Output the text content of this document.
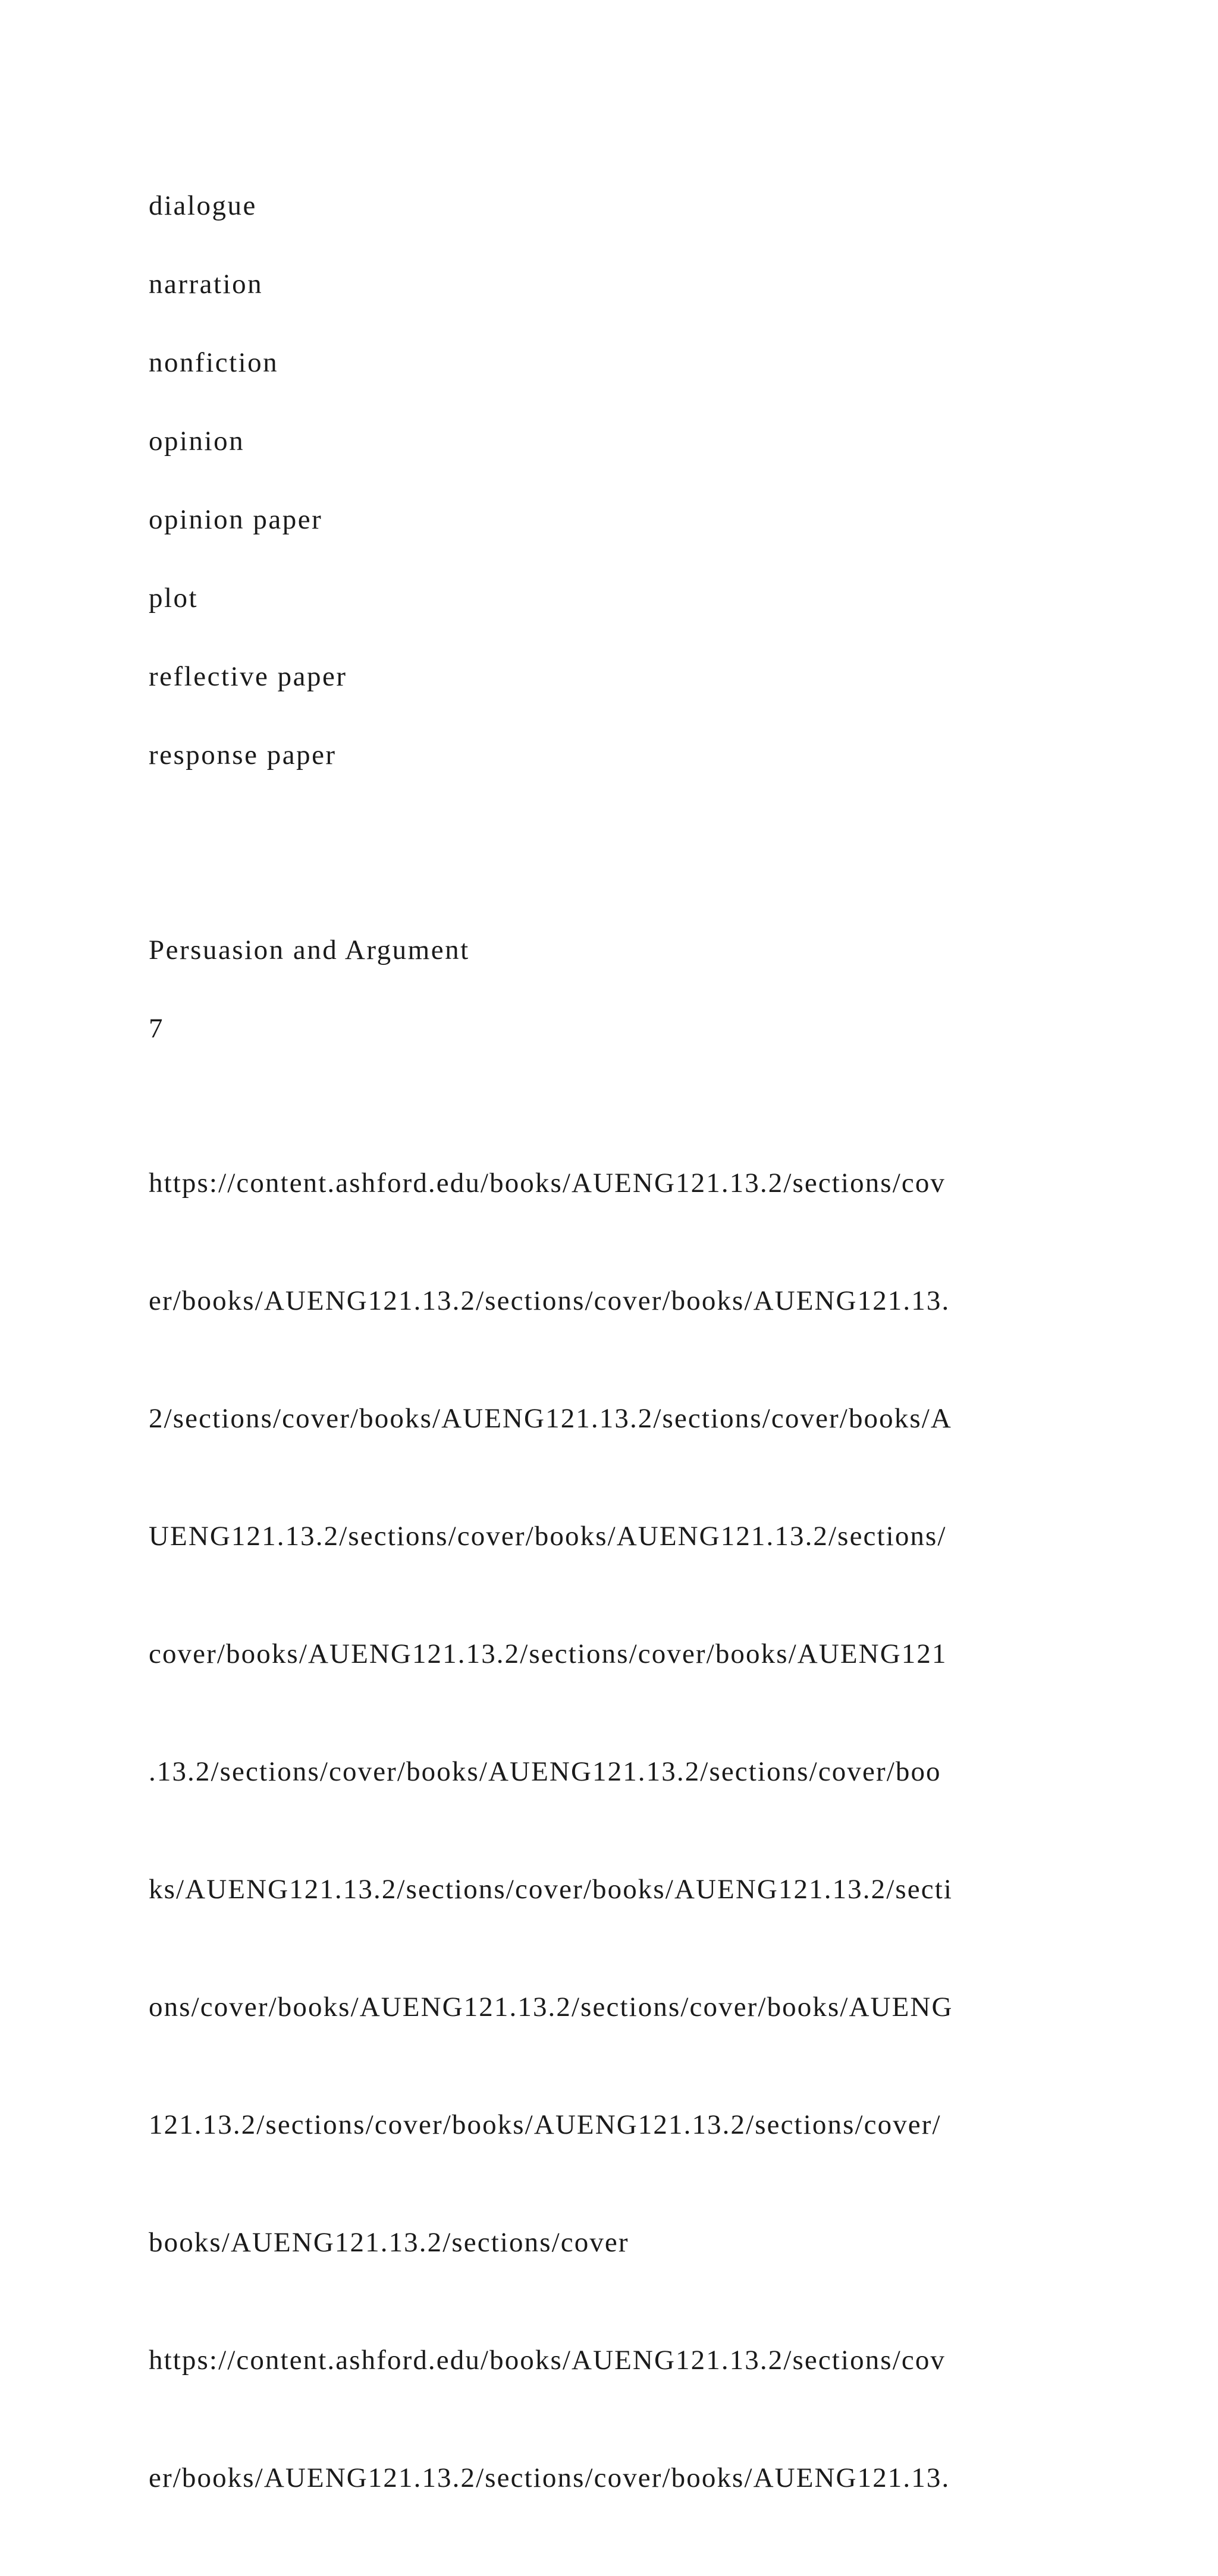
dialogue
narration
nonfiction
opinion
opinion paper
plot
reflective paper
response paper
Persuasion and Argument
7

https://content.ashford.edu/books/AUENG121.13.2/sections/cov

er/books/AUENG121.13.2/sections/cover/books/AUENG121.13.

2/sections/cover/books/AUENG121.13.2/sections/cover/books/A

UENG121.13.2/sections/cover/books/AUENG121.13.2/sections/

cover/books/AUENG121.13.2/sections/cover/books/AUENG121

.13.2/sections/cover/books/AUENG121.13.2/sections/cover/boo

ks/AUENG121.13.2/sections/cover/books/AUENG121.13.2/secti

ons/cover/books/AUENG121.13.2/sections/cover/books/AUENG

121.13.2/sections/cover/books/AUENG121.13.2/sections/cover/

books/AUENG121.13.2/sections/cover

https://content.ashford.edu/books/AUENG121.13.2/sections/cov

er/books/AUENG121.13.2/sections/cover/books/AUENG121.13.
